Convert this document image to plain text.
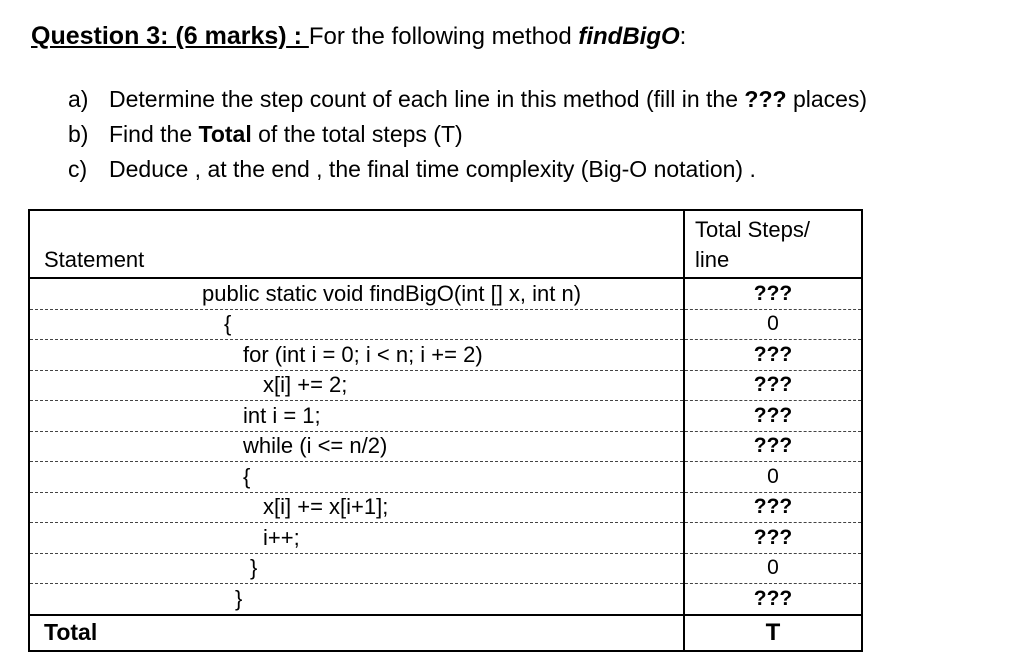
Question 3: (6 marks) : For the following method findBigO:
a) Determine the step count of each line in this method (fill in the ??? places)
b) Find the Total of the total steps (T)
c) Deduce , at the end , the final time complexity (Big-O notation) .
Statement	Total Steps/
line
public static void findBigO(int [] x, int n)	???
{	0
for (int i = 0; i < n; i += 2)	???
x[i] += 2;	???
int i = 1;	???
while (i <= n/2)	???
{	0
x[i] += x[i+1];	???
i++;	???
}	0
}	???
Total	T
